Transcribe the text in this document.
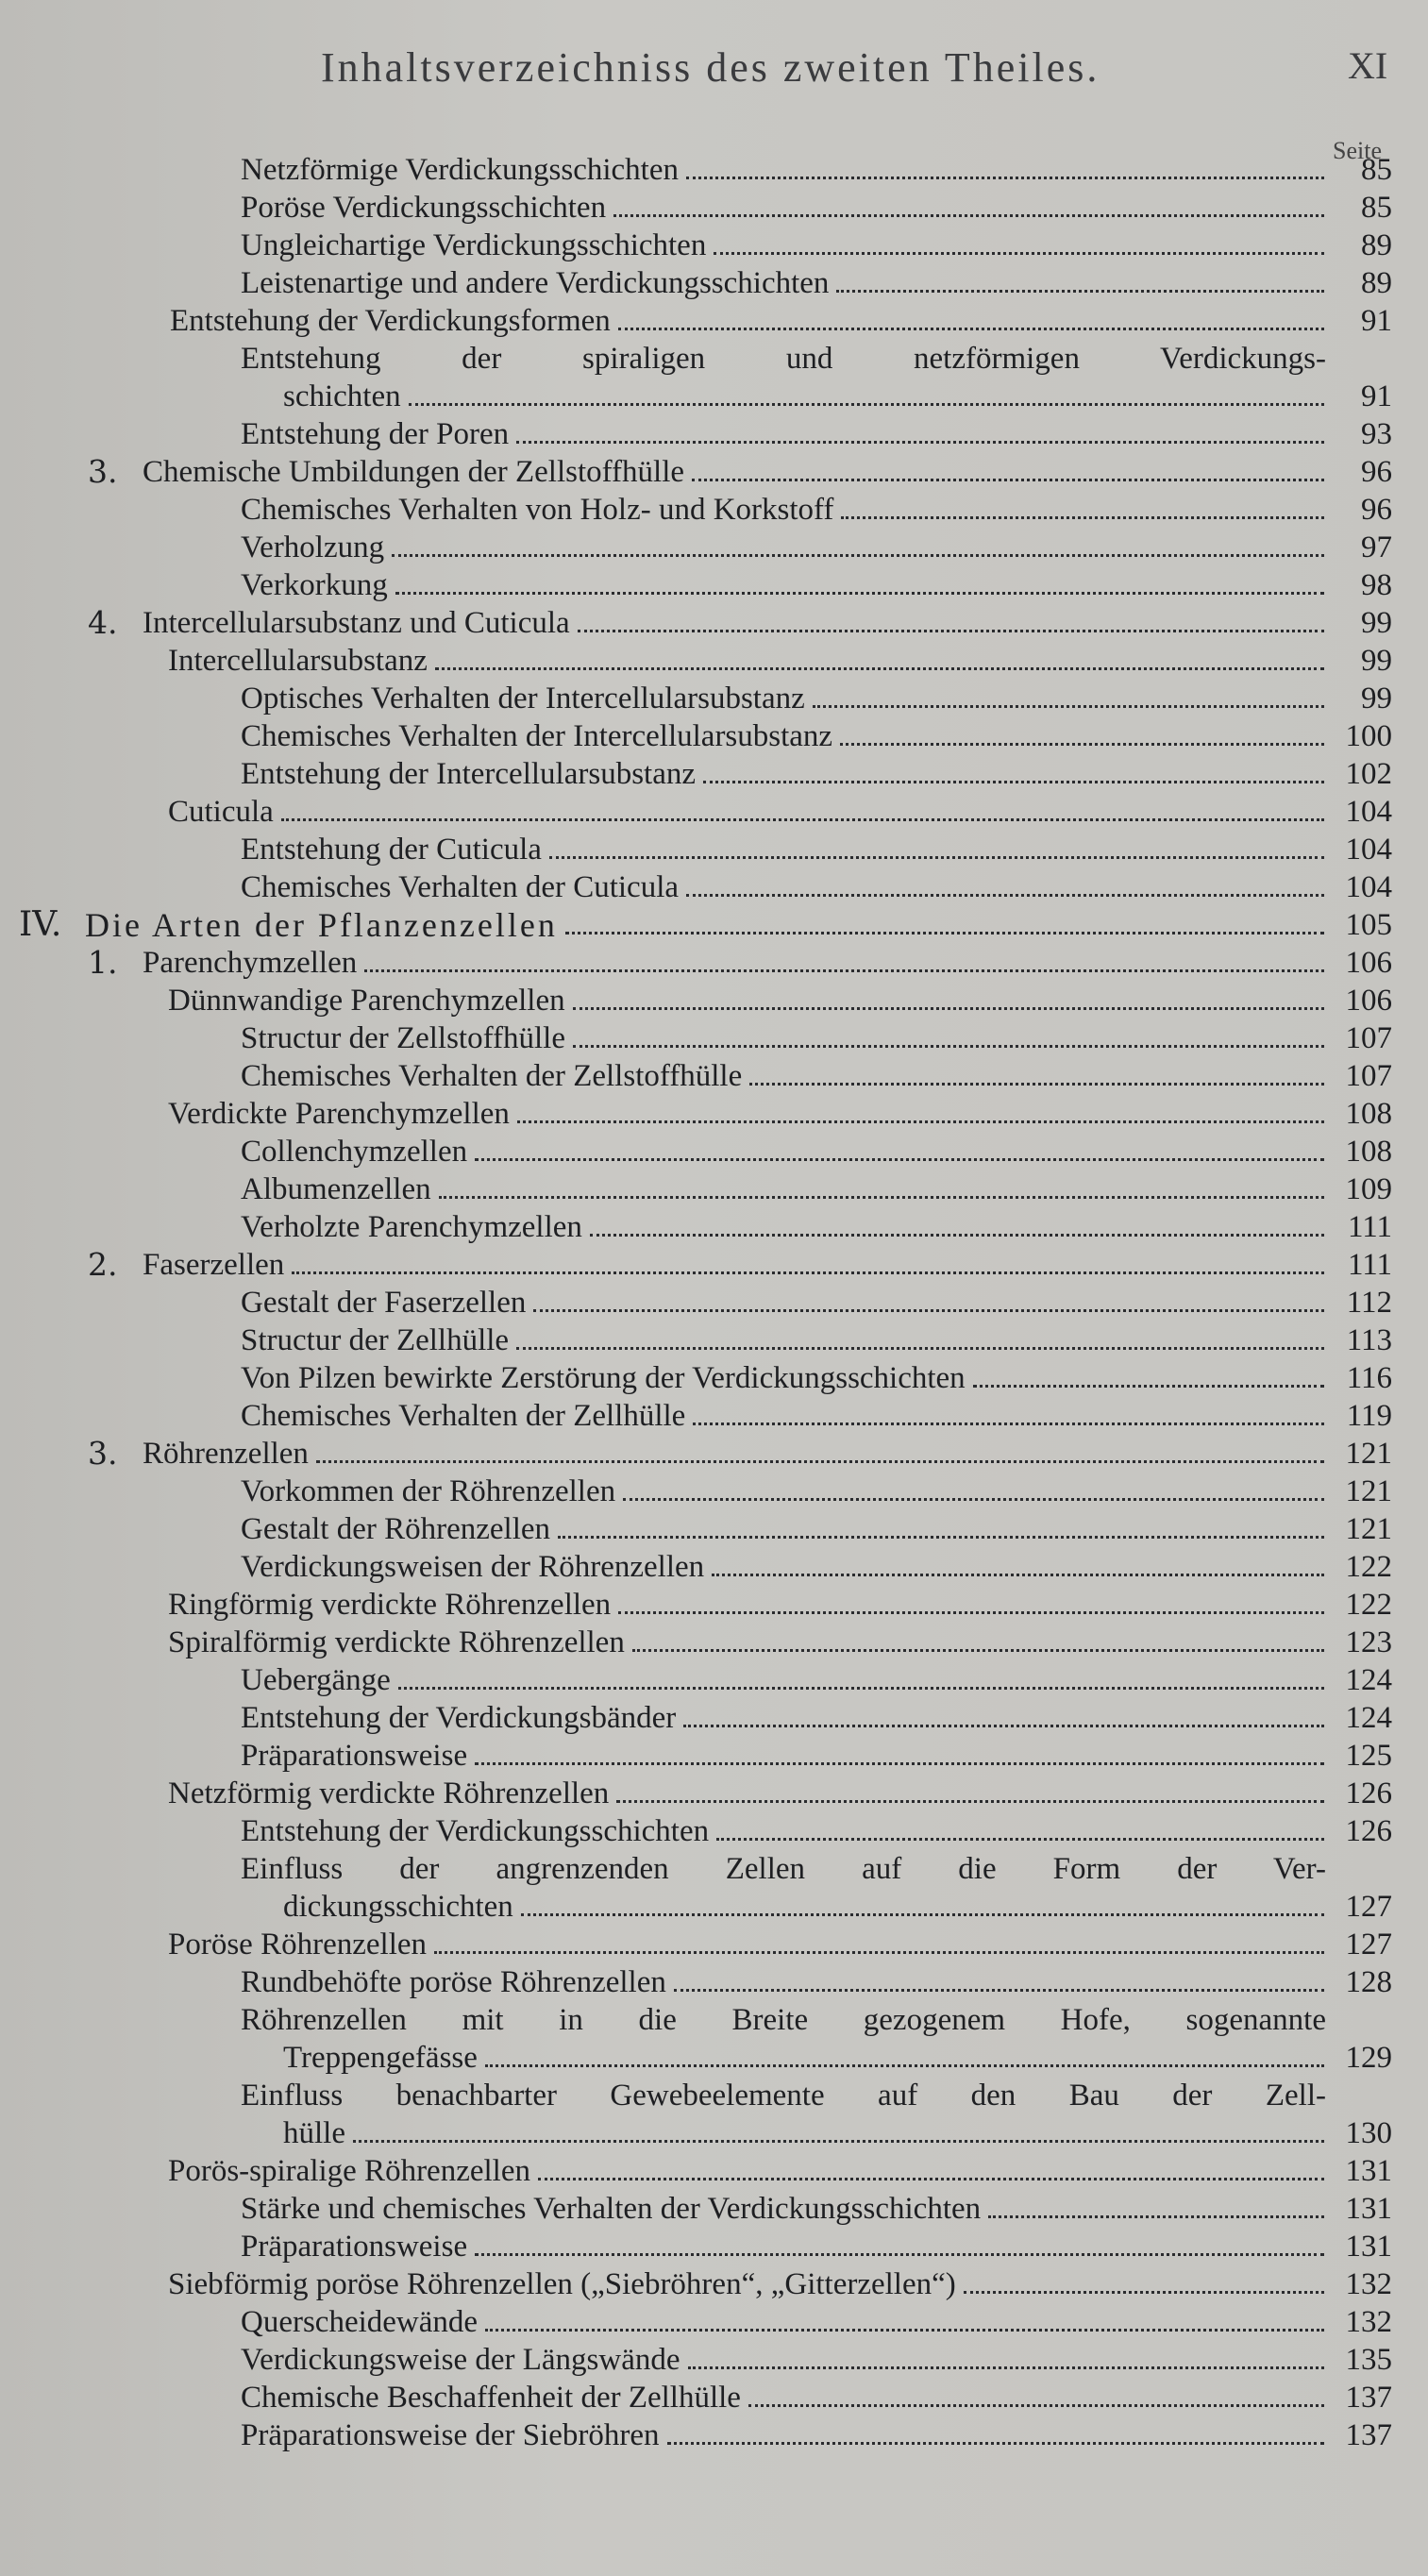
Inhaltsverzeichniss des zweiten Theiles.	XI
Seite
Netzförmige Verdickungsschichten	85
Poröse Verdickungsschichten	85
Ungleichartige Verdickungsschichten	89
Leistenartige und andere Verdickungsschichten	89
Entstehung der Verdickungsformen	91
Entstehung der spiraligen und netzförmigen Verdickungs-
schichten	91
Entstehung der Poren	93
3. Chemische Umbildungen der Zellstoffhülle	96
Chemisches Verhalten von Holz- und Korkstoff	96
Verholzung	97
Verkorkung	98
4. Intercellularsubstanz und Cuticula	99
Intercellularsubstanz	99
Optisches Verhalten der Intercellularsubstanz	99
Chemisches Verhalten der Intercellularsubstanz	100
Entstehung der Intercellularsubstanz	102
Cuticula	104
Entstehung der Cuticula	104
Chemisches Verhalten der Cuticula	104
IV. Die Arten der Pflanzenzellen	105
1. Parenchymzellen	106
Dünnwandige Parenchymzellen	106
Structur der Zellstoffhülle	107
Chemisches Verhalten der Zellstoffhülle	107
Verdickte Parenchymzellen	108
Collenchymzellen	108
Albumenzellen	109
Verholzte Parenchymzellen	111
2. Faserzellen	111
Gestalt der Faserzellen	112
Structur der Zellhülle	113
Von Pilzen bewirkte Zerstörung der Verdickungsschichten	116
Chemisches Verhalten der Zellhülle	119
3. Röhrenzellen	121
Vorkommen der Röhrenzellen	121
Gestalt der Röhrenzellen	121
Verdickungsweisen der Röhrenzellen	122
Ringförmig verdickte Röhrenzellen	122
Spiralförmig verdickte Röhrenzellen	123
Uebergänge	124
Entstehung der Verdickungsbänder	124
Präparationsweise	125
Netzförmig verdickte Röhrenzellen	126
Entstehung der Verdickungsschichten	126
Einfluss der angrenzenden Zellen auf die Form der Ver-
dickungsschichten	127
Poröse Röhrenzellen	127
Rundbehöfte poröse Röhrenzellen	128
Röhrenzellen mit in die Breite gezogenem Hofe, sogenannte
Treppengefässe	129
Einfluss benachbarter Gewebeelemente auf den Bau der Zell-
hülle	130
Porös-spiralige Röhrenzellen	131
Stärke und chemisches Verhalten der Verdickungsschichten	131
Präparationsweise	131
Siebförmig poröse Röhrenzellen („Siebröhren“, „Gitterzellen“)	132
Querscheidewände	132
Verdickungsweise der Längswände	135
Chemische Beschaffenheit der Zellhülle	137
Präparationsweise der Siebröhren	137
